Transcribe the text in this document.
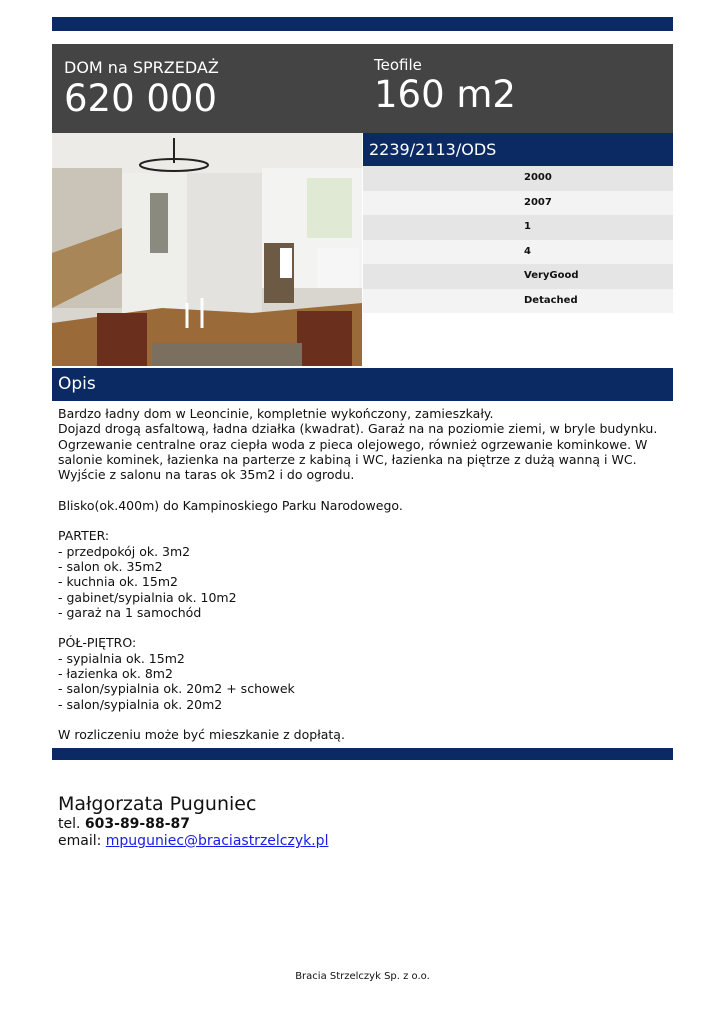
DOM na SPRZEDAŻ
620 000
Teofile
160 m2
2239/2113/ODS
2000
2007
1
4
VeryGood
Detached
Opis
Bardzo ładny dom w Leoncinie, kompletnie wykończony, zamieszkały.
Dojazd drogą asfaltową, ładna działka (kwadrat). Garaż na na poziomie ziemi, w bryle budynku.
Ogrzewanie centralne oraz ciepła woda z pieca olejowego, również ogrzewanie kominkowe. W salonie kominek, łazienka na parterze z kabiną i WC, łazienka na piętrze z dużą wanną i WC.
Wyjście z salonu na taras ok 35m2 i do ogrodu.

Blisko(ok.400m) do Kampinoskiego Parku Narodowego.

PARTER:
- przedpokój ok. 3m2
- salon ok. 35m2
- kuchnia ok. 15m2
- gabinet/sypialnia ok. 10m2
- garaż na 1 samochód

PÓŁ-PIĘTRO:
- sypialnia ok. 15m2
- łazienka ok. 8m2
- salon/sypialnia ok. 20m2 + schowek
- salon/sypialnia ok. 20m2

W rozliczeniu może być mieszkanie z dopłatą.
Małgorzata Puguniec
tel. 603-89-88-87
email: mpuguniec@braciastrzelczyk.pl
Bracia Strzelczyk Sp. z o.o.
